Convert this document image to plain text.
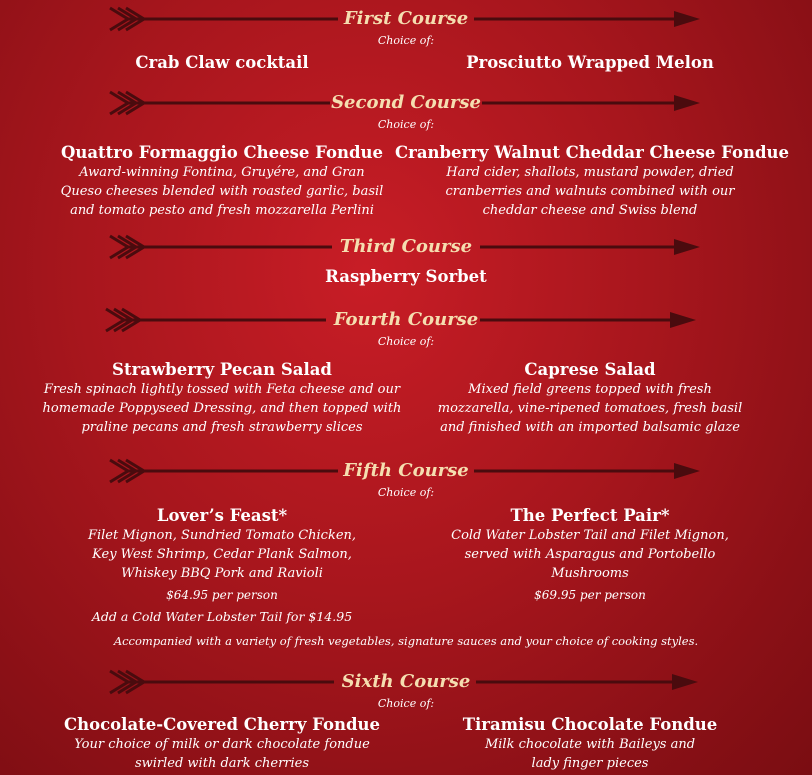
First Course
Choice of:
Crab Claw cocktail	Prosciutto Wrapped Melon
Second Course
Choice of:
Quattro Formaggio Cheese Fondue
Award-winning Fontina, Gruyére, and Gran
Queso cheeses blended with roasted garlic, basil
and tomato pesto and fresh mozzarella Perlini
Cranberry Walnut Cheddar Cheese Fondue
Hard cider, shallots, mustard powder, dried
cranberries and walnuts combined with our
cheddar cheese and Swiss blend
Third Course
Raspberry Sorbet
Fourth Course
Choice of:
Strawberry Pecan Salad
Fresh spinach lightly tossed with Feta cheese and our
homemade Poppyseed Dressing, and then topped with
praline pecans and fresh strawberry slices
Caprese Salad
Mixed field greens topped with fresh
mozzarella, vine-ripened tomatoes, fresh basil
and finished with an imported balsamic glaze
Fifth Course
Choice of:
Lover’s Feast*
Filet Mignon, Sundried Tomato Chicken,
Key West Shrimp, Cedar Plank Salmon,
Whiskey BBQ Pork and Ravioli
$64.95 per person
Add a Cold Water Lobster Tail for $14.95
The Perfect Pair*
Cold Water Lobster Tail and Filet Mignon,
served with Asparagus and Portobello
Mushrooms
$69.95 per person
Accompanied with a variety of fresh vegetables, signature sauces and your choice of cooking styles.
Sixth Course
Choice of:
Chocolate-Covered Cherry Fondue
Your choice of milk or dark chocolate fondue
swirled with dark cherries
Tiramisu Chocolate Fondue
Milk chocolate with Baileys and
lady finger pieces
